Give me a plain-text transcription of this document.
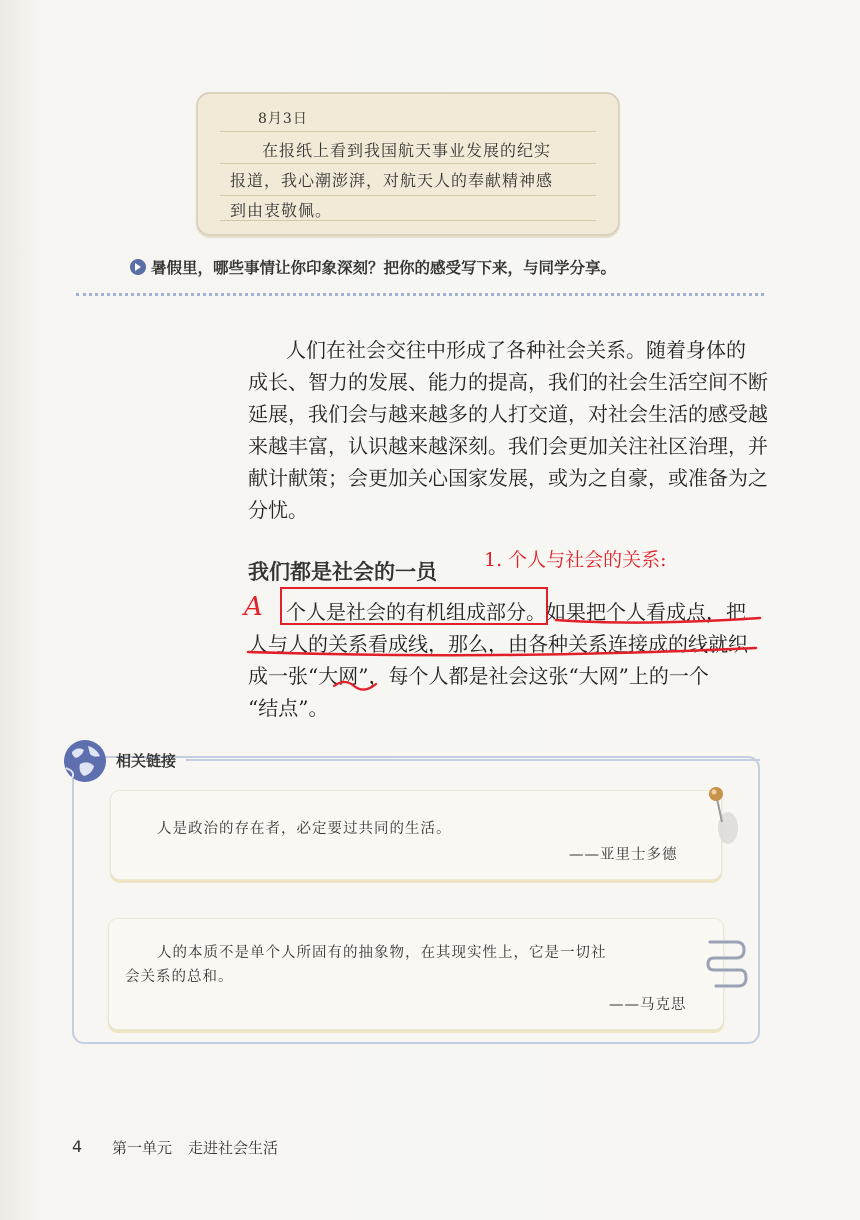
8月3日
在报纸上看到我国航天事业发展的纪实
报道，我心潮澎湃，对航天人的奉献精神感
到由衷敬佩。
暑假里，哪些事情让你印象深刻？把你的感受写下来，与同学分享。
人们在社会交往中形成了各种社会关系。随着身体的
成长、智力的发展、能力的提高，我们的社会生活空间不断
延展，我们会与越来越多的人打交道，对社会生活的感受越
来越丰富，认识越来越深刻。我们会更加关注社区治理，并
献计献策；会更加关心国家发展，或为之自豪，或准备为之
分忧。
我们都是社会的一员 1. 个人与社会的关系:
A 个人是社会的有机组成部分。如果把个人看成点，把
人与人的关系看成线，那么，由各种关系连接成的线就织
成一张“大网”，每个人都是社会这张“大网”上的一个
“结点”。
相关链接
人是政治的存在者，必定要过共同的生活。
——亚里士多德
人的本质不是单个人所固有的抽象物，在其现实性上，它是一切社
会关系的总和。
——马克思
4 第一单元 走进社会生活
